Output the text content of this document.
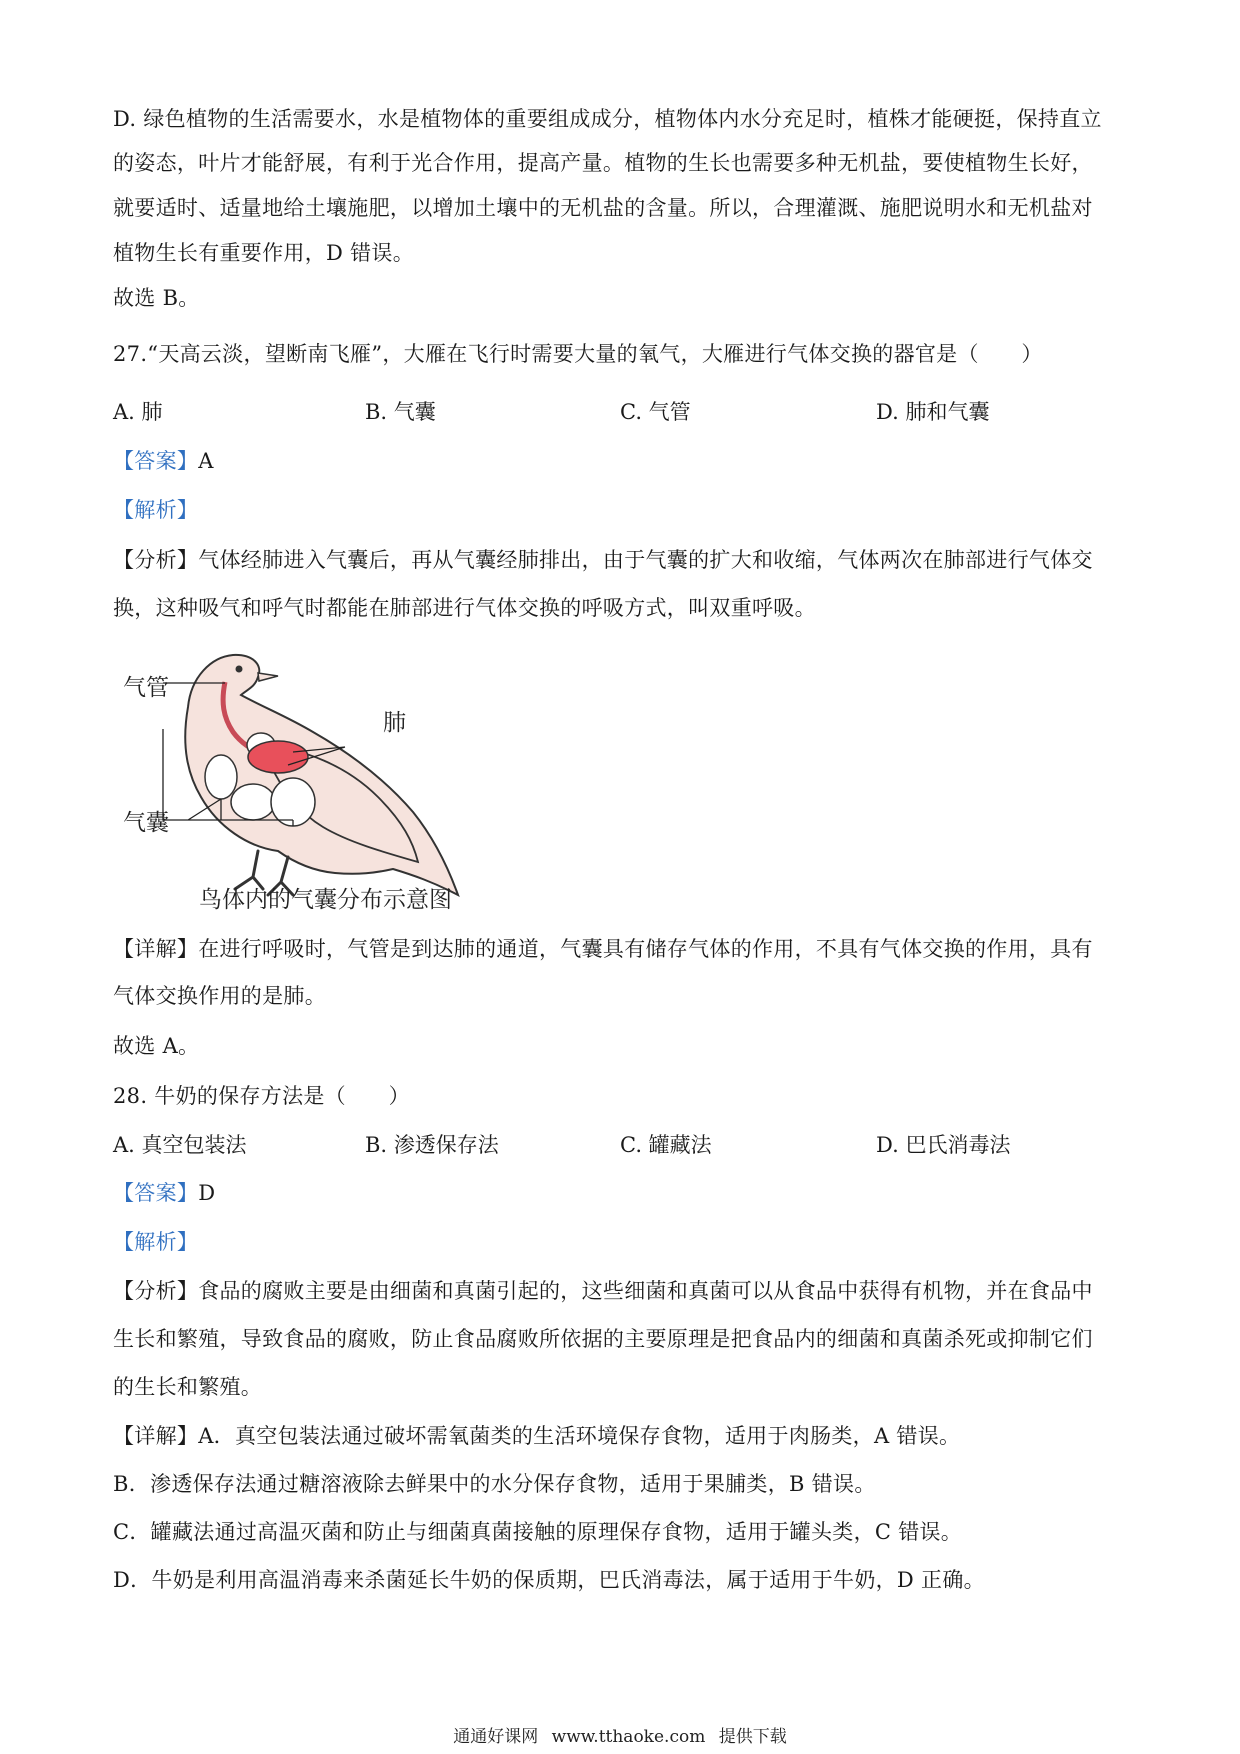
D. 绿色植物的生活需要水，水是植物体的重要组成成分，植物体内水分充足时，植株才能硬挺，保持直立
的姿态，叶片才能舒展，有利于光合作用，提高产量。植物的生长也需要多种无机盐，要使植物生长好，
就要适时、适量地给土壤施肥，以增加土壤中的无机盐的含量。所以，合理灌溉、施肥说明水和无机盐对
植物生长有重要作用，D 错误。
故选 B。
27.“天高云淡，望断南飞雁”，大雁在飞行时需要大量的氧气，大雁进行气体交换的器官是（　　）
A. 肺	B. 气囊	C. 气管	D. 肺和气囊
【答案】A
【解析】
【分析】气体经肺进入气囊后，再从气囊经肺排出，由于气囊的扩大和收缩，气体两次在肺部进行气体交
换，这种吸气和呼气时都能在肺部进行气体交换的呼吸方式，叫双重呼吸。
气管
肺
气囊
鸟体内的气囊分布示意图
【详解】在进行呼吸时，气管是到达肺的通道，气囊具有储存气体的作用，不具有气体交换的作用，具有
气体交换作用的是肺。
故选 A。
28. 牛奶的保存方法是（　　）
A. 真空包装法	B. 渗透保存法	C. 罐藏法	D. 巴氏消毒法
【答案】D
【解析】
【分析】食品的腐败主要是由细菌和真菌引起的，这些细菌和真菌可以从食品中获得有机物，并在食品中
生长和繁殖，导致食品的腐败，防止食品腐败所依据的主要原理是把食品内的细菌和真菌杀死或抑制它们
的生长和繁殖。
【详解】A．真空包装法通过破坏需氧菌类的生活环境保存食物，适用于肉肠类，A 错误。
B．渗透保存法通过糖溶液除去鲜果中的水分保存食物，适用于果脯类，B 错误。
C．罐藏法通过高温灭菌和防止与细菌真菌接触的原理保存食物，适用于罐头类，C 错误。
D．牛奶是利用高温消毒来杀菌延长牛奶的保质期，巴氏消毒法，属于适用于牛奶，D 正确。
通通好课网 www.tthaoke.com 提供下载
